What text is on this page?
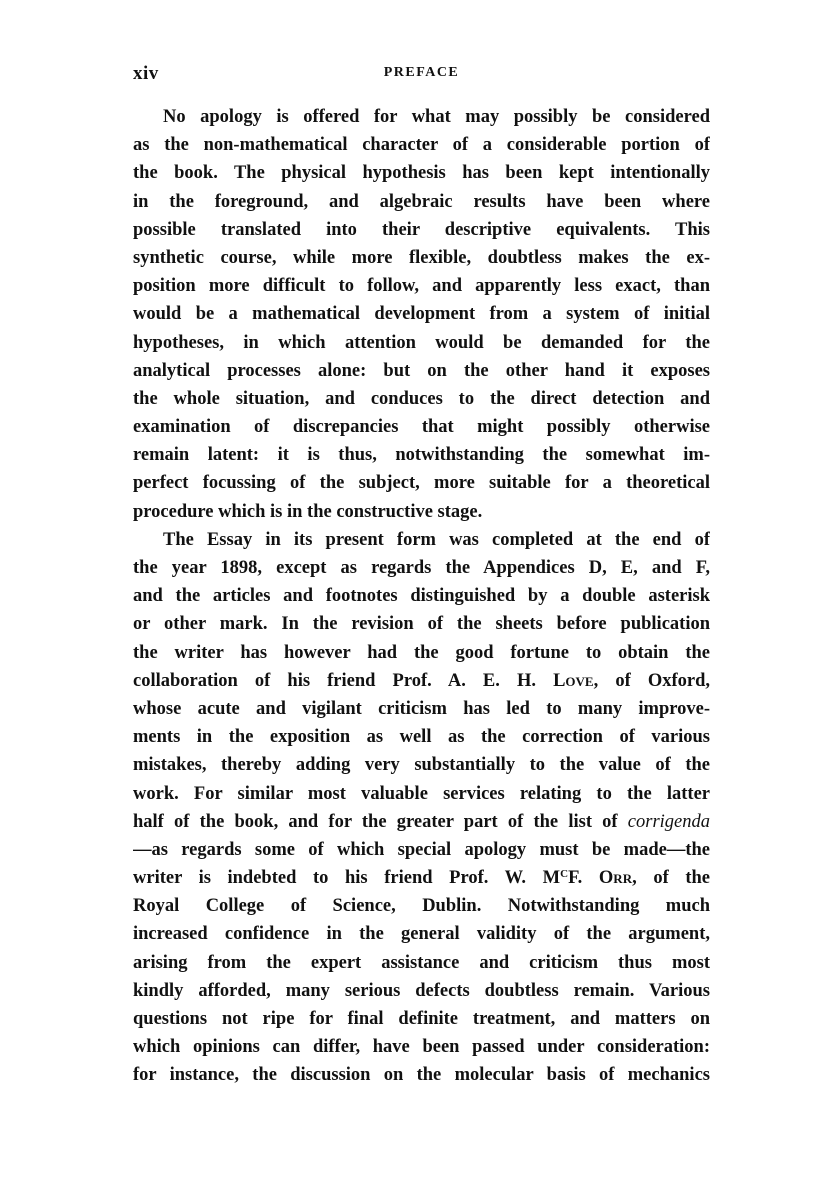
xiv	PREFACE
No apology is offered for what may possibly be considered
as the non-mathematical character of a considerable portion of
the book. The physical hypothesis has been kept intentionally
in the foreground, and algebraic results have been where
possible translated into their descriptive equivalents. This
synthetic course, while more flexible, doubtless makes the ex-
position more difficult to follow, and apparently less exact, than
would be a mathematical development from a system of initial
hypotheses, in which attention would be demanded for the
analytical processes alone: but on the other hand it exposes
the whole situation, and conduces to the direct detection and
examination of discrepancies that might possibly otherwise
remain latent: it is thus, notwithstanding the somewhat im-
perfect focussing of the subject, more suitable for a theoretical
procedure which is in the constructive stage.
The Essay in its present form was completed at the end of
the year 1898, except as regards the Appendices D, E, and F,
and the articles and footnotes distinguished by a double asterisk
or other mark. In the revision of the sheets before publication
the writer has however had the good fortune to obtain the
collaboration of his friend Prof. A. E. H. Love, of Oxford,
whose acute and vigilant criticism has led to many improve-
ments in the exposition as well as the correction of various
mistakes, thereby adding very substantially to the value of the
work. For similar most valuable services relating to the latter
half of the book, and for the greater part of the list of corrigenda
—as regards some of which special apology must be made—the
writer is indebted to his friend Prof. W. $M^CF$. Orr, of the
Royal College of Science, Dublin. Notwithstanding much
increased confidence in the general validity of the argument,
arising from the expert assistance and criticism thus most
kindly afforded, many serious defects doubtless remain. Various
questions not ripe for final definite treatment, and matters on
which opinions can differ, have been passed under consideration:
for instance, the discussion on the molecular basis of mechanics
